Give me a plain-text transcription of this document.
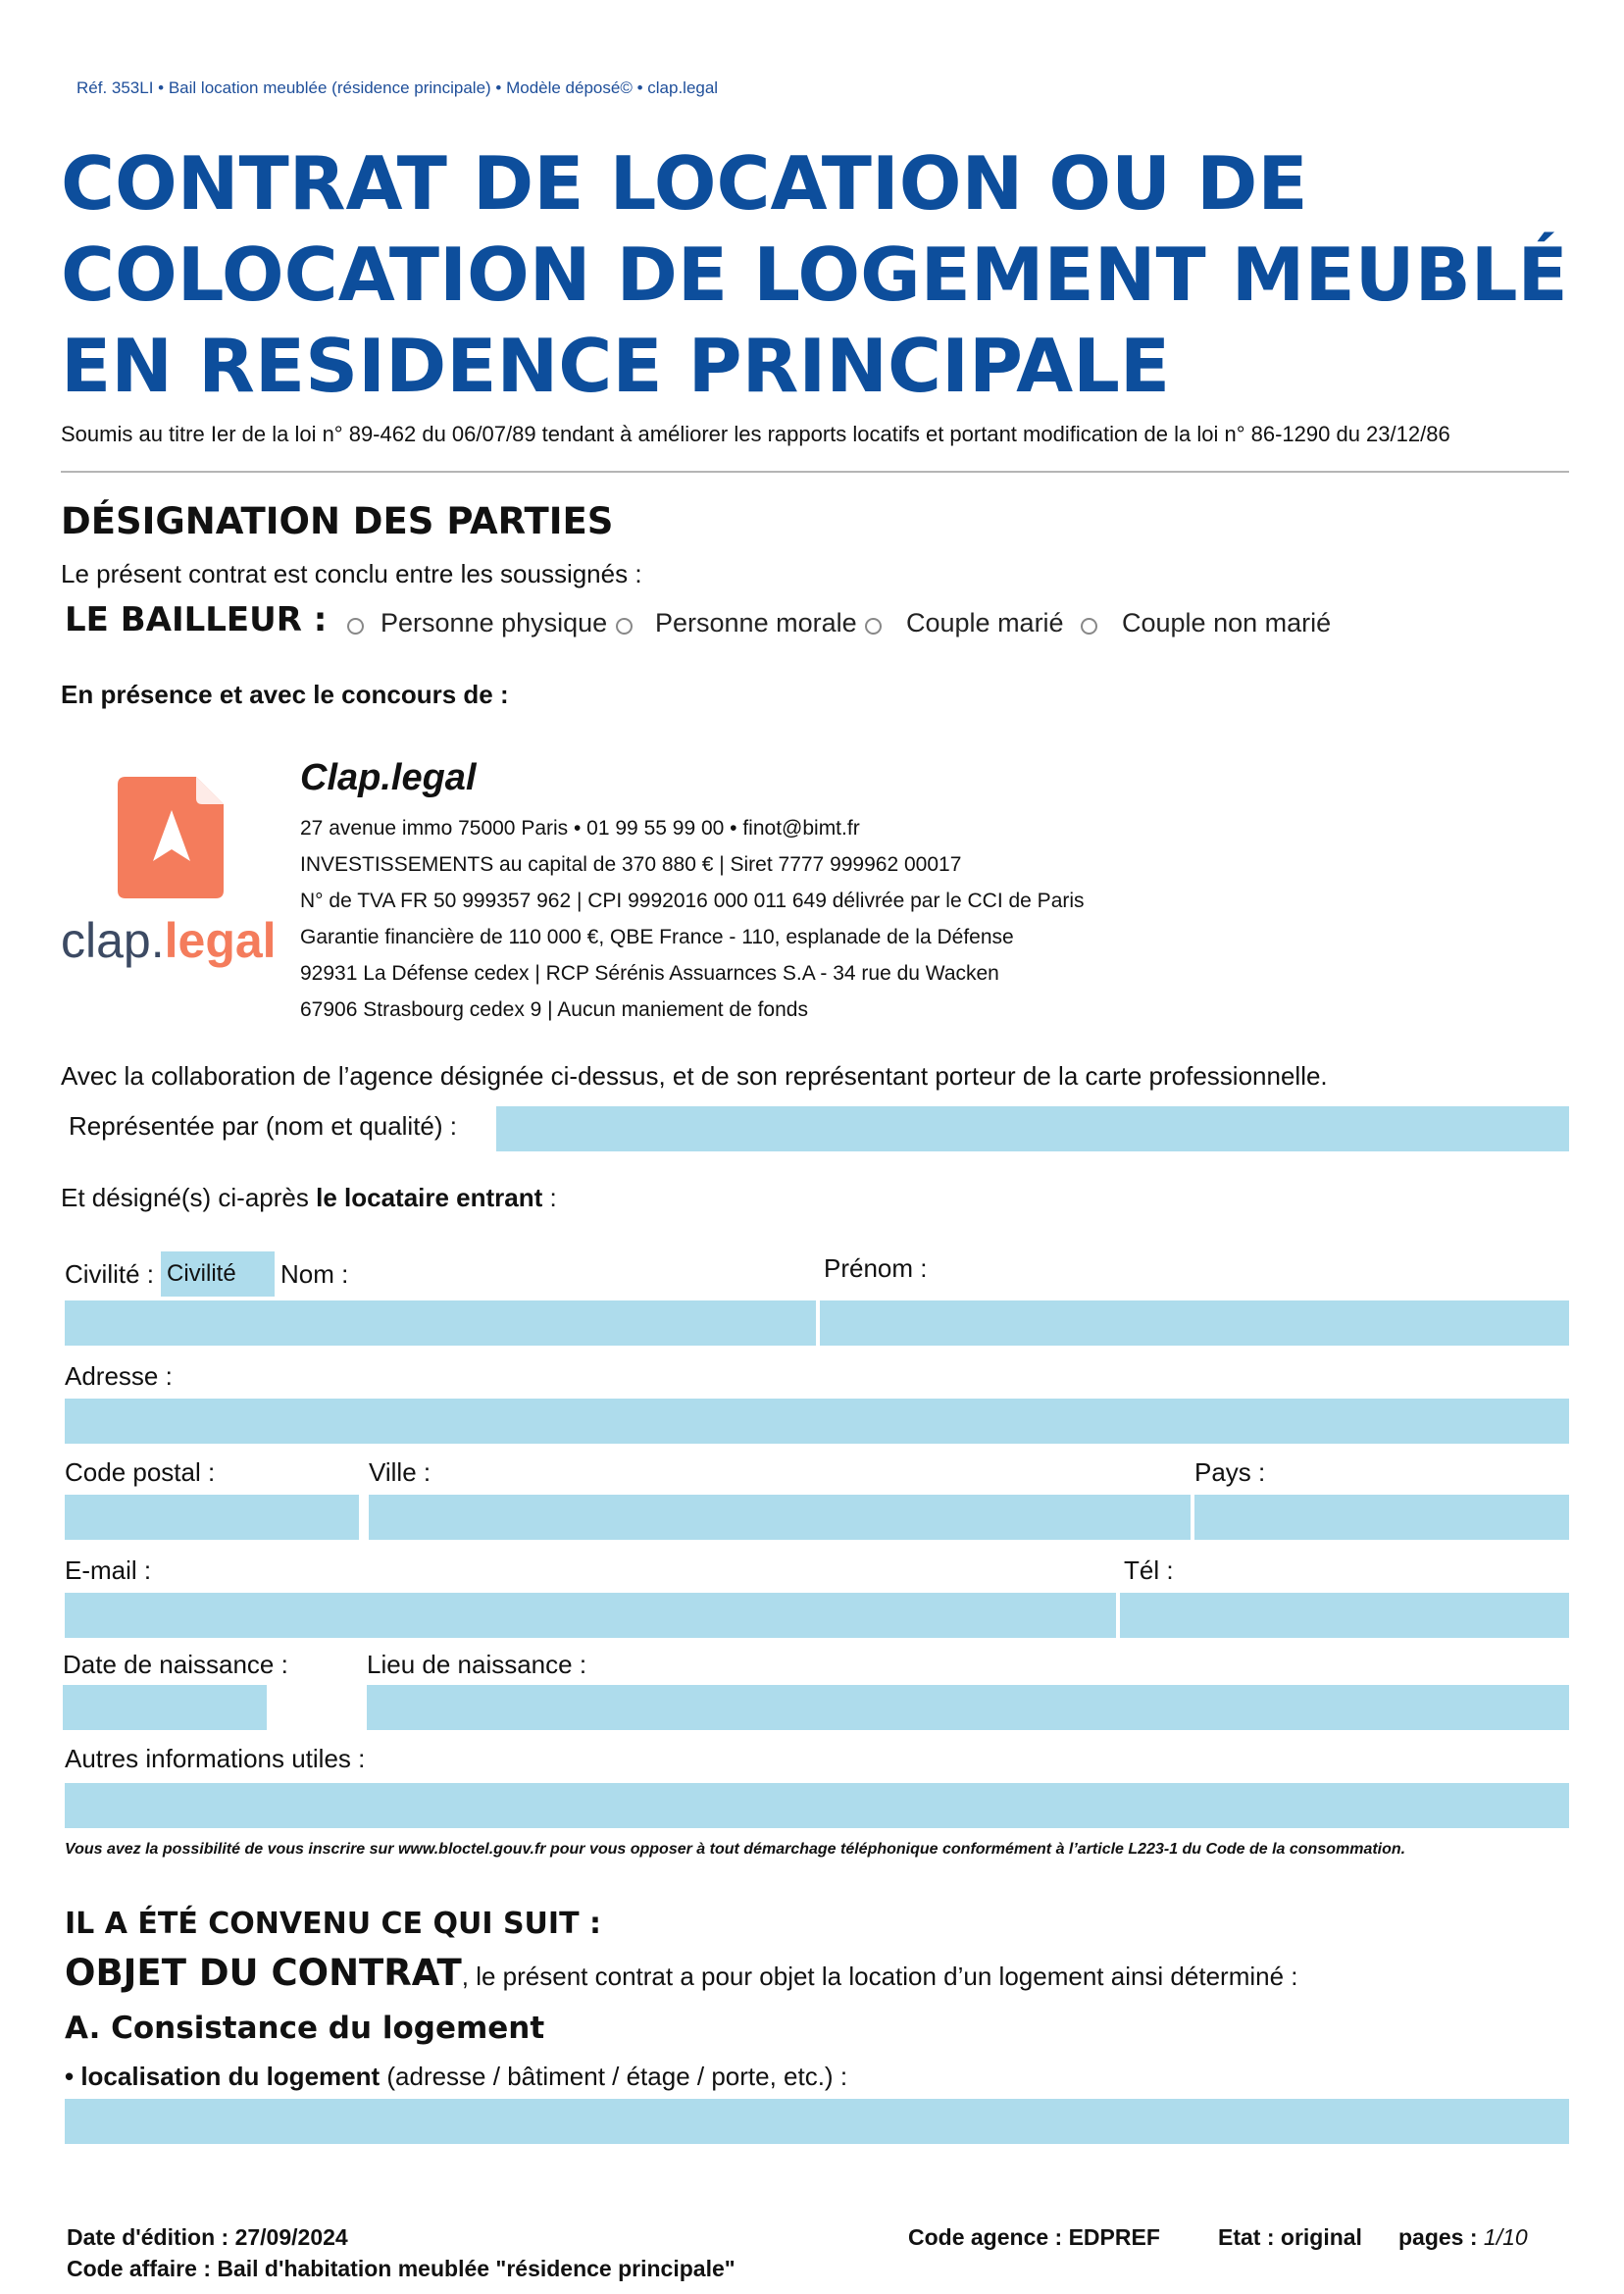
Réf. 353LI • Bail location meublée (résidence principale) • Modèle déposé© • clap.legal
CONTRAT DE LOCATION OU DE
COLOCATION DE LOGEMENT MEUBLÉ
EN RESIDENCE PRINCIPALE
Soumis au titre Ier de la loi n° 89-462 du 06/07/89 tendant à améliorer les rapports locatifs et portant modification de la loi n° 86-1290 du 23/12/86
DÉSIGNATION DES PARTIES
Le présent contrat est conclu entre les soussignés :
LE BAILLEUR : Personne physique Personne morale Couple marié Couple non marié
En présence et avec le concours de :
clap.legal
Clap.legal
27 avenue immo 75000 Paris • 01 99 55 99 00 • finot@bimt.fr
INVESTISSEMENTS au capital de 370 880 € | Siret 7777 999962 00017
N° de TVA FR 50 999357 962 | CPI 9992016 000 011 649 délivrée par le CCI de Paris
Garantie financière de 110 000 €, QBE France - 110, esplanade de la Défense
92931 La Défense cedex | RCP Sérénis Assuarnces S.A - 34 rue du Wacken
67906 Strasbourg cedex 9 | Aucun maniement de fonds
Avec la collaboration de l’agence désignée ci-dessus, et de son représentant porteur de la carte professionnelle.
Représentée par (nom et qualité) :
Et désigné(s) ci-après le locataire entrant :
Civilité : Civilité Nom :	Prénom :
Adresse :
Code postal :	Ville :	Pays :
E-mail :	Tél :
Date de naissance :	Lieu de naissance :
Autres informations utiles :
Vous avez la possibilité de vous inscrire sur www.bloctel.gouv.fr pour vous opposer à tout démarchage téléphonique conformément à l’article L223-1 du Code de la consommation.
IL A ÉTÉ CONVENU CE QUI SUIT :
OBJET DU CONTRAT, le présent contrat a pour objet la location d’un logement ainsi déterminé :
A. Consistance du logement
• localisation du logement (adresse / bâtiment / étage / porte, etc.) :
Date d'édition : 27/09/2024
Code affaire : Bail d'habitation meublée "résidence principale"
Code agence : EDPREF	Etat : original pages : 1/10
